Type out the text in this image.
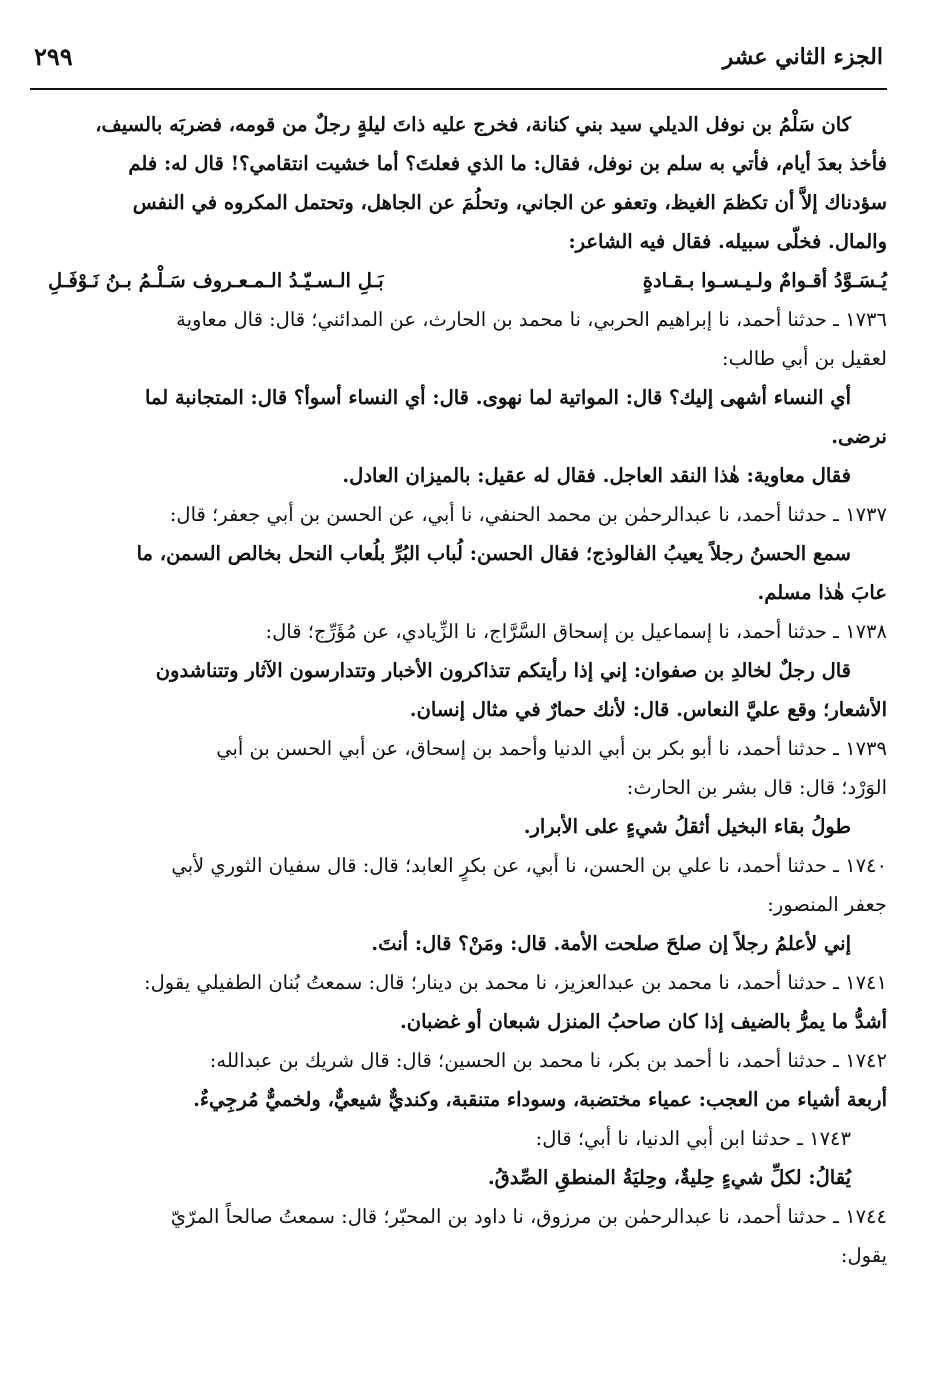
الجزء الثاني عشر
٢٩٩
كان سَلْمُ بن نوفل الديلي سيد بني كنانة، فخرج عليه ذاتَ ليلةٍ رجلٌ من قومه، فضربَه بالسيف،
فأخذ بعدَ أيام، فأتي به سلم بن نوفل، فقال: ما الذي فعلتَ؟ أما خشيت انتقامي؟! قال له: فلم
سؤدناك إلاَّ أن تكظمَ الغيظ، وتعفو عن الجاني، وتحلُمَ عن الجاهل، وتحتمل المكروه في النفس
والمال. فخلّى سبيله. فقال فيه الشاعر:
يُـسَـوَّدُ أقـوامٌ ولـيـسـوا بـقـادةٍ
بَـلِ الـسـيّـدُ الـمـعـروف سَـلْـمُ بـنُ نَـوْفَـلِ
١٧٣٦ ـ حدثنا أحمد، نا إبراهيم الحربي، نا محمد بن الحارث، عن المدائني؛ قال: قال معاوية
لعقيل بن أبي طالب:
أي النساء أشهى إليك؟ قال: المواتية لما نهوى. قال: أي النساء أسوأ؟ قال: المتجانبة لما
نرضى.
فقال معاوية: هٰذا النقد العاجل. فقال له عقيل: بالميزان العادل.
١٧٣٧ ـ حدثنا أحمد، نا عبدالرحمٰن بن محمد الحنفي، نا أبي، عن الحسن بن أبي جعفر؛ قال:
سمع الحسنُ رجلاً يعيبُ الفالوذج؛ فقال الحسن: لُباب البُرِّ بلُعاب النحل بخالص السمن، ما
عابَ هٰذا مسلم.
١٧٣٨ ـ حدثنا أحمد، نا إسماعيل بن إسحاق السَّرَّاج، نا الزِّيادي، عن مُؤَرِّج؛ قال:
قال رجلٌ لخالدِ بن صفوان: إني إذا رأيتكم تتذاكرون الأخبار وتتدارسون الآثار وتتناشدون
الأشعار؛ وقع عليَّ النعاس. قال: لأنك حمارٌ في مثال إنسان.
١٧٣٩ ـ حدثنا أحمد، نا أبو بكر بن أبي الدنيا وأحمد بن إسحاق، عن أبي الحسن بن أبي
الوَرْد؛ قال: قال بشر بن الحارث:
طولُ بقاء البخيل أثقلُ شيءٍ على الأبرار.
١٧٤٠ ـ حدثنا أحمد، نا علي بن الحسن، نا أبي، عن بكرٍ العابد؛ قال: قال سفيان الثوري لأبي
جعفر المنصور:
إني لأعلمُ رجلاً إن صلحَ صلحت الأمة. قال: ومَنْ؟ قال: أنتَ.
١٧٤١ ـ حدثنا أحمد، نا محمد بن عبدالعزيز، نا محمد بن دينار؛ قال: سمعتُ بُنان الطفيلي يقول:
أشدُّ ما يمرُّ بالضيف إذا كان صاحبُ المنزل شبعان أو غضبان.
١٧٤٢ ـ حدثنا أحمد، نا أحمد بن بكر، نا محمد بن الحسين؛ قال: قال شريك بن عبدالله:
أربعة أشياء من العجب: عمياء مختضبة، وسوداء متنقبة، وكنديٌّ شيعيٌّ، ولخميٌّ مُرجِيءٌ.
١٧٤٣ ـ حدثنا ابن أبي الدنيا، نا أبي؛ قال:
يُقالُ: لكلِّ شيءٍ حِليةٌ، وحِليَةُ المنطقِ الصِّدقُ.
١٧٤٤ ـ حدثنا أحمد، نا عبدالرحمٰن بن مرزوق، نا داود بن المحبّر؛ قال: سمعتُ صالحاً المرّيّ
يقول:
